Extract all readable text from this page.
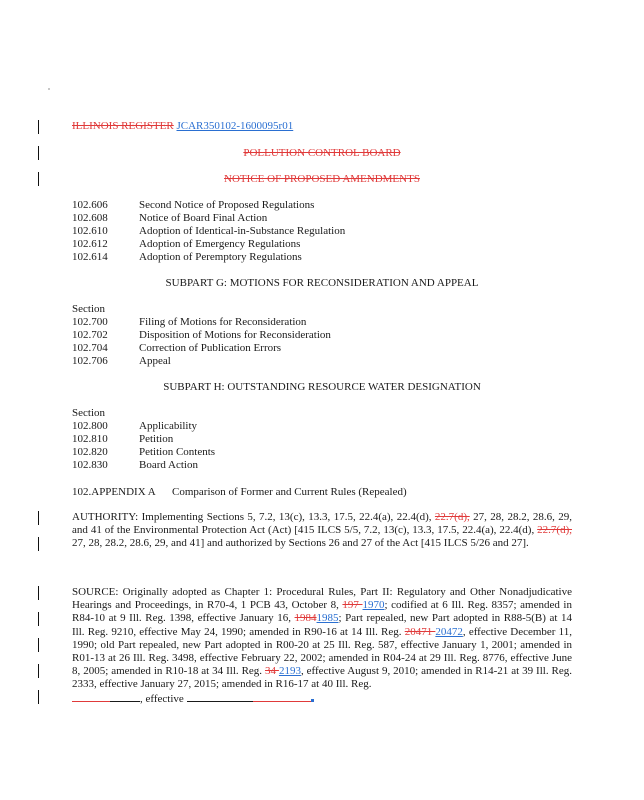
ILLINOIS REGISTER JCAR350102-1600095r01
POLLUTION CONTROL BOARD
NOTICE OF PROPOSED AMENDMENTS
102.606	Second Notice of Proposed Regulations
102.608	Notice of Board Final Action
102.610	Adoption of Identical-in-Substance Regulation
102.612	Adoption of Emergency Regulations
102.614	Adoption of Peremptory Regulations
SUBPART G: MOTIONS FOR RECONSIDERATION AND APPEAL
Section
102.700	Filing of Motions for Reconsideration
102.702	Disposition of Motions for Reconsideration
102.704	Correction of Publication Errors
102.706	Appeal
SUBPART H: OUTSTANDING RESOURCE WATER DESIGNATION
Section
102.800	Applicability
102.810	Petition
102.820	Petition Contents
102.830	Board Action
102.APPENDIX A Comparison of Former and Current Rules (Repealed)
AUTHORITY: Implementing Sections 5, 7.2, 13(c), 13.3, 17.5, 22.4(a), 22.4(d), 22.7(d), 27, 28, 28.2, 28.6, 29, and 41 of the Environmental Protection Act (Act) [415 ILCS 5/5, 7.2, 13(c), 13.3, 17.5, 22.4(a), 22.4(d), 22.7(d), 27, 28, 28.2, 28.6, 29, and 41] and authorized by Sections 26 and 27 of the Act [415 ILCS 5/26 and 27].
SOURCE: Originally adopted as Chapter 1: Procedural Rules, Part II: Regulatory and Other Nonadjudicative Hearings and Proceedings, in R70-4, 1 PCB 43, October 8, 197 1970; codified at 6 Ill. Reg. 8357; amended in R84-10 at 9 Ill. Reg. 1398, effective January 16, 19841985; Part repealed, new Part adopted in R88-5(B) at 14 Ill. Reg. 9210, effective May 24, 1990; amended in R90-16 at 14 Ill. Reg. 20471 20472, effective December 11, 1990; old Part repealed, new Part adopted in R00-20 at 25 Ill. Reg. 587, effective January 1, 2001; amended in R01-13 at 26 Ill. Reg. 3498, effective February 22, 2002; amended in R04-24 at 29 Ill. Reg. 8776, effective June 8, 2005; amended in R10-18 at 34 Ill. Reg. 34 2193, effective August 9, 2010; amended in R14-21 at 39 Ill. Reg. 2333, effective January 27, 2015; amended in R16-17 at 40 Ill. Reg.
, effective
